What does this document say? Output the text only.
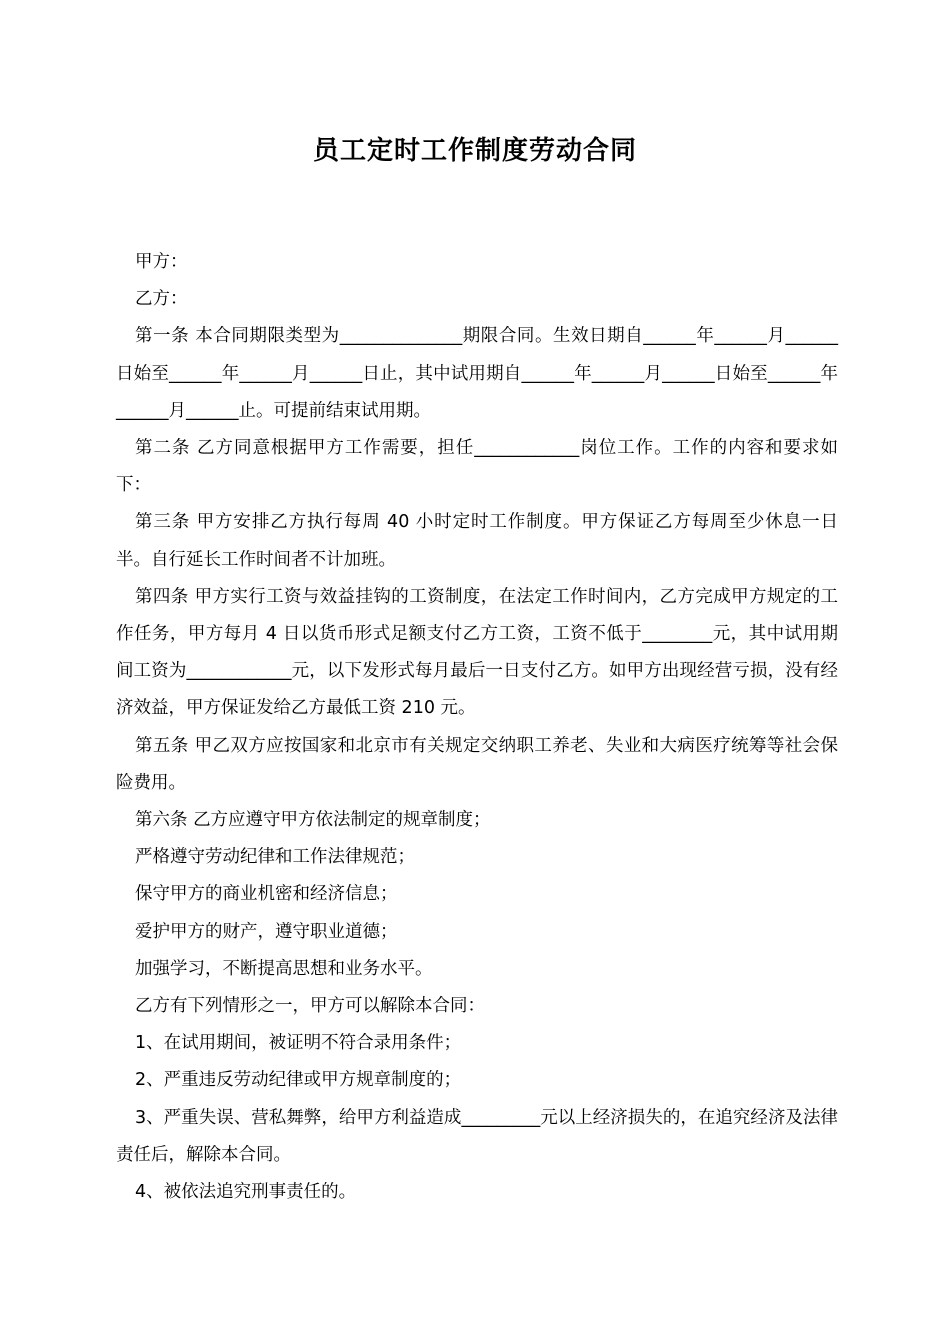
员工定时工作制度劳动合同

甲方：

乙方：

第一条 本合同期限类型为______________期限合同。生效日期自______年______月______日始至______年______月______日止，其中试用期自______年______月______日始至______年______月______止。可提前结束试用期。

第二条 乙方同意根据甲方工作需要，担任____________岗位工作。工作的内容和要求如下：

第三条 甲方安排乙方执行每周 40 小时定时工作制度。甲方保证乙方每周至少休息一日半。自行延长工作时间者不计加班。

第四条 甲方实行工资与效益挂钩的工资制度，在法定工作时间内，乙方完成甲方规定的工作任务，甲方每月 4 日以货币形式足额支付乙方工资，工资不低于________元，其中试用期间工资为____________元，以下发形式每月最后一日支付乙方。如甲方出现经营亏损，没有经济效益，甲方保证发给乙方最低工资 210 元。

第五条 甲乙双方应按国家和北京市有关规定交纳职工养老、失业和大病医疗统筹等社会保险费用。

第六条 乙方应遵守甲方依法制定的规章制度；

严格遵守劳动纪律和工作法律规范；

保守甲方的商业机密和经济信息；

爱护甲方的财产，遵守职业道德；

加强学习，不断提高思想和业务水平。

乙方有下列情形之一，甲方可以解除本合同：

1、在试用期间，被证明不符合录用条件；

2、严重违反劳动纪律或甲方规章制度的；

3、严重失误、营私舞弊，给甲方利益造成_________元以上经济损失的，在追究经济及法律责任后，解除本合同。

4、被依法追究刑事责任的。
